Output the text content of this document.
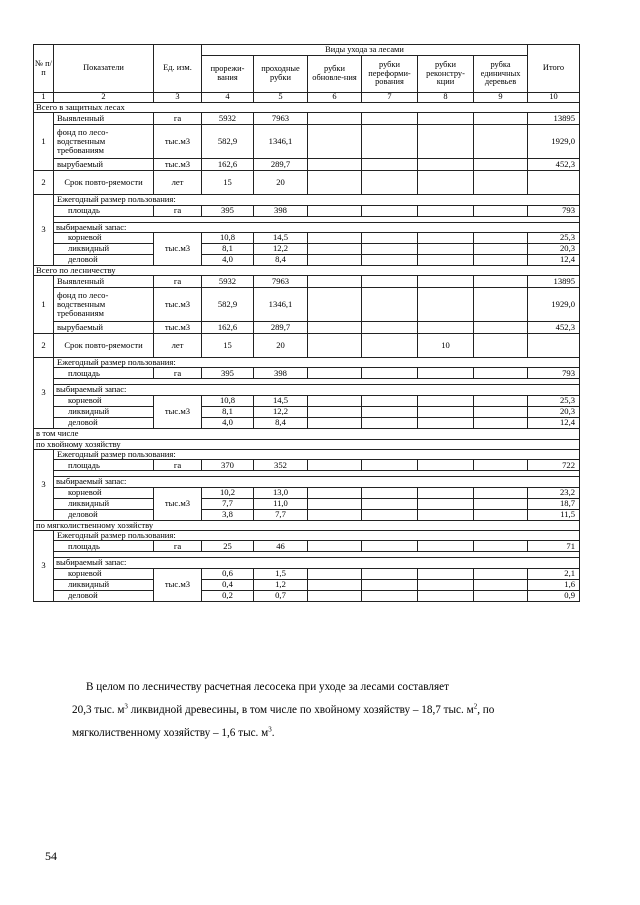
№ п/ п	Показатели	Ед. изм.	Виды ухода за лесами						Итого
			прорежи-вания	проходные рубки	рубки обновле-ния	рубки переформи-рования	рубки реконстру-кции	рубка единичных деревьев	
1	2	3	4	5	6	7	8	9	10
Всего в защитных лесах									
1	Выявленный	га	5932	7963					13895
	фонд по лесо-водственным требованиям	тыс.м3	582,9	1346,1					1929,0
	вырубаемый	тыс.м3	162,6	289,7					452,3
2	Срок повто-ряемости	лет	15	20					
3	Ежегодный размер пользования:								
	площадь	га	395	398					793

	выбираемый запас:								
	корневой	тыс.м3	10,8	14,5					25,3
	ликвидный		8,1	12,2					20,3
	деловой		4,0	8,4					12,4
Всего по лесничеству									
1	Выявленный	га	5932	7963					13895
	фонд по лесо-водственным требованиям	тыс.м3	582,9	1346,1					1929,0
	вырубаемый	тыс.м3	162,6	289,7					452,3
2	Срок повто-ряемости	лет	15	20			10		
3	Ежегодный размер пользования:								
	площадь	га	395	398					793

	выбираемый запас:								
	корневой	тыс.м3	10,8	14,5					25,3
	ликвидный		8,1	12,2					20,3
	деловой		4,0	8,4					12,4
в том числе									
по хвойному хозяйству									
3	Ежегодный размер пользования:								
	площадь	га	370	352					722

	выбираемый запас:								
	корневой	тыс.м3	10,2	13,0					23,2
	ликвидный		7,7	11,0					18,7
	деловой		3,8	7,7					11,5
по мягколиственному хозяйству									
3	Ежегодный размер пользования:								
	площадь	га	25	46					71

	выбираемый запас:								
	корневой	тыс.м3	0,6	1,5					2,1
	ликвидный		0,4	1,2					1,6
	деловой		0,2	0,7					0,9
В целом по лесничеству расчетная лесосека при уходе за лесами составляет
20,3 тыс. $м^3$ ликвидной древесины, в том числе по хвойному хозяйству – 18,7 тыс. $м^2$, по
мягколиственному хозяйству – 1,6 тыс. $м^3$.
54
